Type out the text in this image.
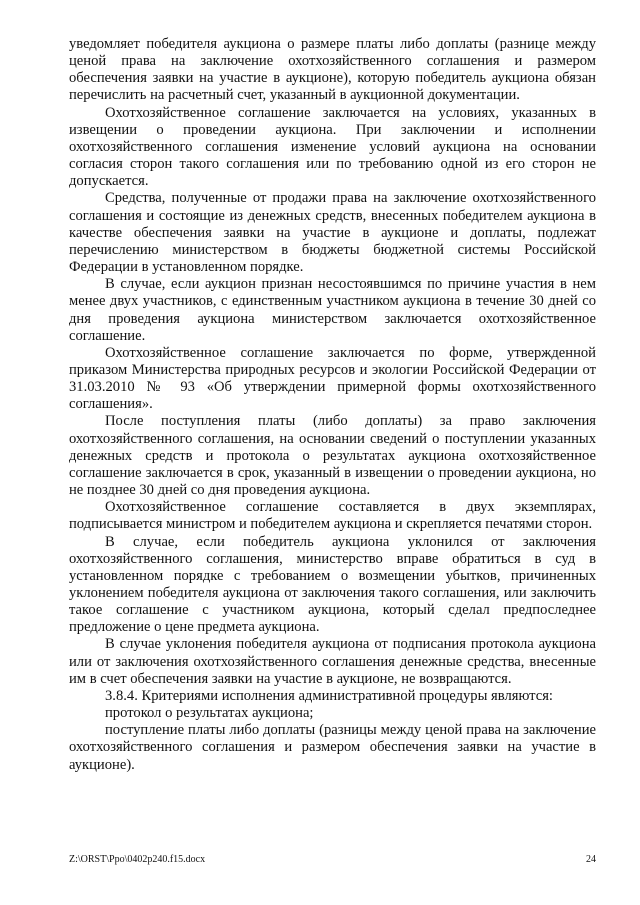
уведомляет победителя аукциона о размере платы либо доплаты (разнице между ценой права на заключение охотхозяйственного соглашения и размером обеспечения заявки на участие в аукционе), которую победитель аукциона обязан перечислить на расчетный счет, указанный в аукционной документации.

Охотхозяйственное соглашение заключается на условиях, указанных в извещении о проведении аукциона. При заключении и исполнении охотхозяйственного соглашения изменение условий аукциона на основании согласия сторон такого соглашения или по требованию одной из его сторон не допускается.

Средства, полученные от продажи права на заключение охотхозяйственного соглашения и состоящие из денежных средств, внесенных победителем аукциона в качестве обеспечения заявки на участие в аукционе и доплаты, подлежат перечислению министерством в бюджеты бюджетной системы Российской Федерации в установленном порядке.

В случае, если аукцион признан несостоявшимся по причине участия в нем менее двух участников, с единственным участником аукциона в течение 30 дней со дня проведения аукциона министерством заключается охотхозяйственное соглашение.

Охотхозяйственное соглашение заключается по форме, утвержденной приказом Министерства природных ресурсов и экологии Российской Федерации от 31.03.2010 № 93 «Об утверждении примерной формы охотхозяйственного соглашения».

После поступления платы (либо доплаты) за право заключения охотхозяйственного соглашения, на основании сведений о поступлении указанных денежных средств и протокола о результатах аукциона охотхозяйственное соглашение заключается в срок, указанный в извещении о проведении аукциона, но не позднее 30 дней со дня проведения аукциона.

Охотхозяйственное соглашение составляется в двух экземплярах, подписывается министром и победителем аукциона и скрепляется печатями сторон.

В случае, если победитель аукциона уклонился от заключения охотхозяйственного соглашения, министерство вправе обратиться в суд в установленном порядке с требованием о возмещении убытков, причиненных уклонением победителя аукциона от заключения такого соглашения, или заключить такое соглашение с участником аукциона, который сделал предпоследнее предложение о цене предмета аукциона.

В случае уклонения победителя аукциона от подписания протокола аукциона или от заключения охотхозяйственного соглашения денежные средства, внесенные им в счет обеспечения заявки на участие в аукционе, не возвращаются.

3.8.4. Критериями исполнения административной процедуры являются:

протокол о результатах аукциона;

поступление платы либо доплаты (разницы между ценой права на заключение охотхозяйственного соглашения и размером обеспечения заявки на участие в аукционе).

Z:\ORST\Ppo\0402p240.f15.docx	24
